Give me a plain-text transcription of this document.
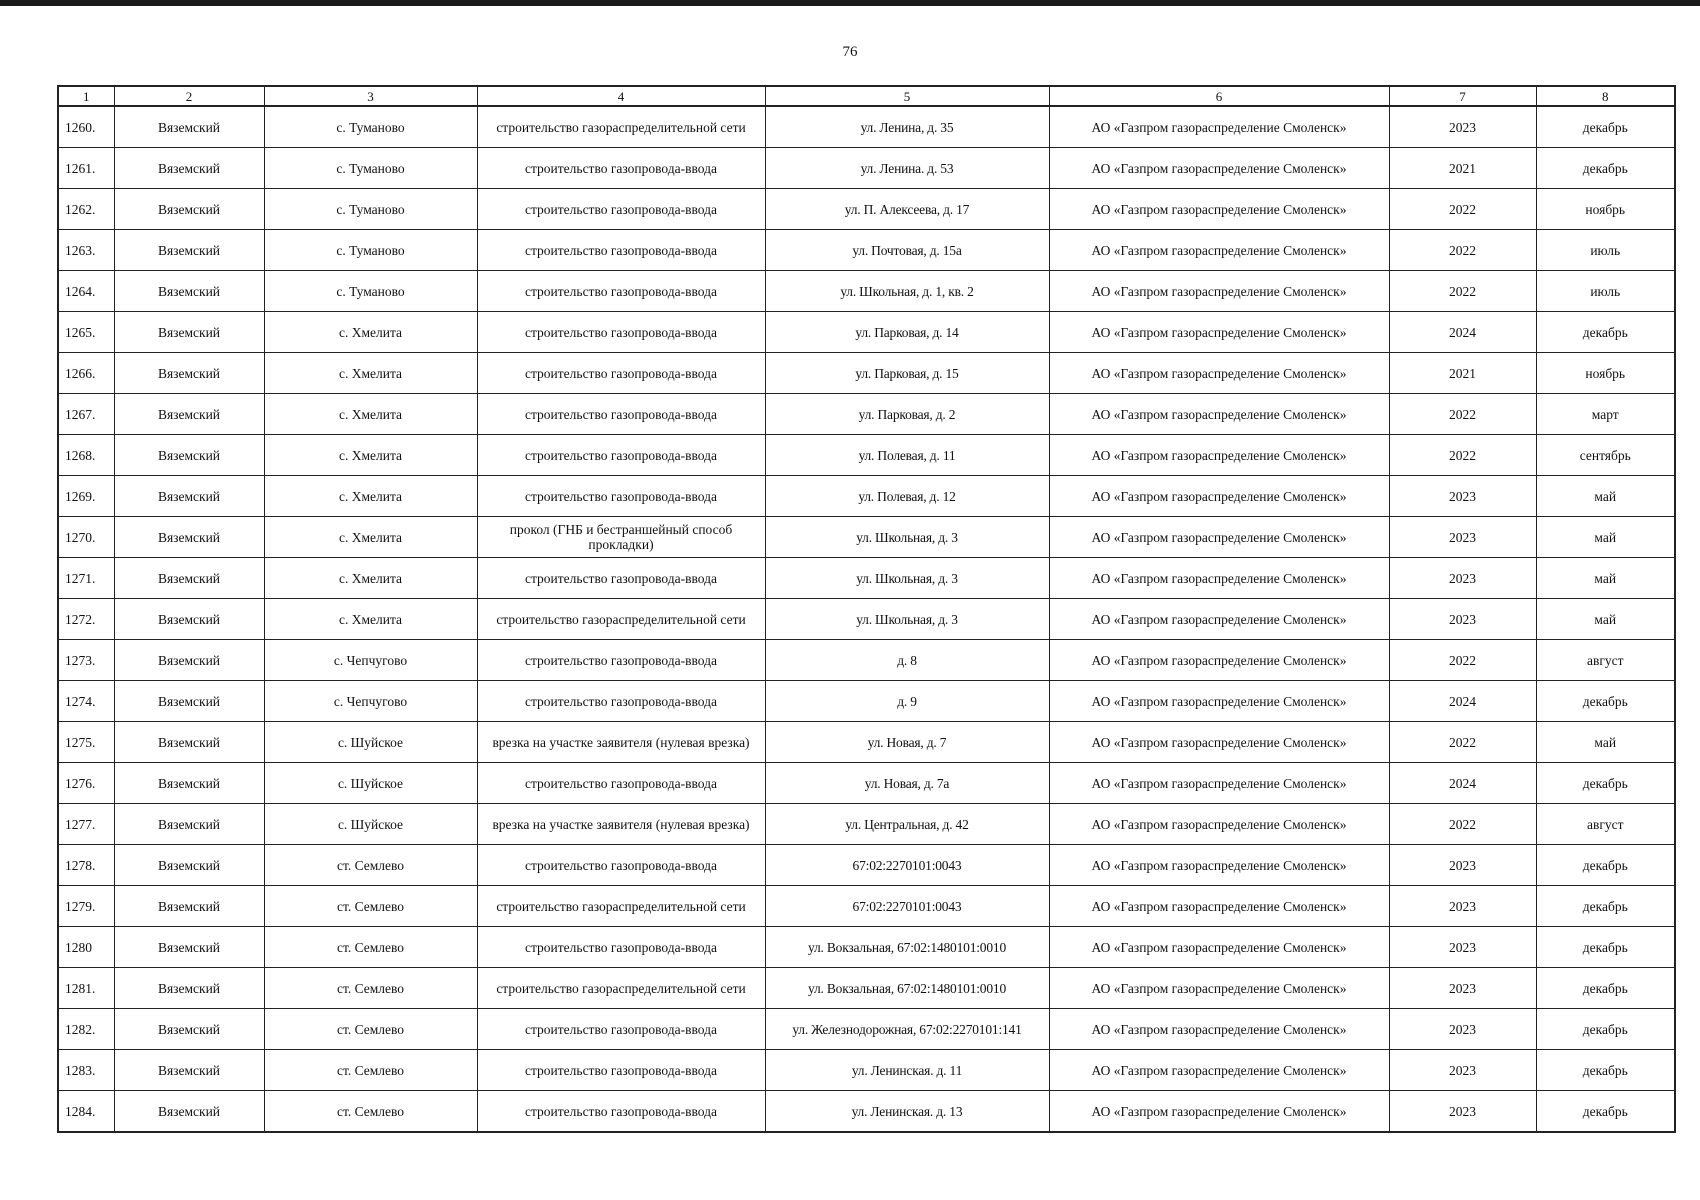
76
1	2	3	4	5	6	7	8
1260.	Вяземский	с. Туманово	строительство газораспределительной сети	ул. Ленина, д. 35	АО «Газпром газораспределение Смоленск»	2023	декабрь
1261.	Вяземский	с. Туманово	строительство газопровода-ввода	ул. Ленина. д. 53	АО «Газпром газораспределение Смоленск»	2021	декабрь
1262.	Вяземский	с. Туманово	строительство газопровода-ввода	ул. П. Алексеева, д. 17	АО «Газпром газораспределение Смоленск»	2022	ноябрь
1263.	Вяземский	с. Туманово	строительство газопровода-ввода	ул. Почтовая, д. 15а	АО «Газпром газораспределение Смоленск»	2022	июль
1264.	Вяземский	с. Туманово	строительство газопровода-ввода	ул. Школьная, д. 1, кв. 2	АО «Газпром газораспределение Смоленск»	2022	июль
1265.	Вяземский	с. Хмелита	строительство газопровода-ввода	ул. Парковая, д. 14	АО «Газпром газораспределение Смоленск»	2024	декабрь
1266.	Вяземский	с. Хмелита	строительство газопровода-ввода	ул. Парковая, д. 15	АО «Газпром газораспределение Смоленск»	2021	ноябрь
1267.	Вяземский	с. Хмелита	строительство газопровода-ввода	ул. Парковая, д. 2	АО «Газпром газораспределение Смоленск»	2022	март
1268.	Вяземский	с. Хмелита	строительство газопровода-ввода	ул. Полевая, д. 11	АО «Газпром газораспределение Смоленск»	2022	сентябрь
1269.	Вяземский	с. Хмелита	строительство газопровода-ввода	ул. Полевая, д. 12	АО «Газпром газораспределение Смоленск»	2023	май
1270.	Вяземский	с. Хмелита	прокол (ГНБ и бестраншейный способ прокладки)	ул. Школьная, д. 3	АО «Газпром газораспределение Смоленск»	2023	май
1271.	Вяземский	с. Хмелита	строительство газопровода-ввода	ул. Школьная, д. 3	АО «Газпром газораспределение Смоленск»	2023	май
1272.	Вяземский	с. Хмелита	строительство газораспределительной сети	ул. Школьная, д. 3	АО «Газпром газораспределение Смоленск»	2023	май
1273.	Вяземский	с. Чепчугово	строительство газопровода-ввода	д. 8	АО «Газпром газораспределение Смоленск»	2022	август
1274.	Вяземский	с. Чепчугово	строительство газопровода-ввода	д. 9	АО «Газпром газораспределение Смоленск»	2024	декабрь
1275.	Вяземский	с. Шуйское	врезка на участке заявителя (нулевая врезка)	ул. Новая, д. 7	АО «Газпром газораспределение Смоленск»	2022	май
1276.	Вяземский	с. Шуйское	строительство газопровода-ввода	ул. Новая, д. 7а	АО «Газпром газораспределение Смоленск»	2024	декабрь
1277.	Вяземский	с. Шуйское	врезка на участке заявителя (нулевая врезка)	ул. Центральная, д. 42	АО «Газпром газораспределение Смоленск»	2022	август
1278.	Вяземский	ст. Семлево	строительство газопровода-ввода	67:02:2270101:0043	АО «Газпром газораспределение Смоленск»	2023	декабрь
1279.	Вяземский	ст. Семлево	строительство газораспределительной сети	67:02:2270101:0043	АО «Газпром газораспределение Смоленск»	2023	декабрь
1280	Вяземский	ст. Семлево	строительство газопровода-ввода	ул. Вокзальная, 67:02:1480101:0010	АО «Газпром газораспределение Смоленск»	2023	декабрь
1281.	Вяземский	ст. Семлево	строительство газораспределительной сети	ул. Вокзальная, 67:02:1480101:0010	АО «Газпром газораспределение Смоленск»	2023	декабрь
1282.	Вяземский	ст. Семлево	строительство газопровода-ввода	ул. Железнодорожная, 67:02:2270101:141	АО «Газпром газораспределение Смоленск»	2023	декабрь
1283.	Вяземский	ст. Семлево	строительство газопровода-ввода	ул. Ленинская. д. 11	АО «Газпром газораспределение Смоленск»	2023	декабрь
1284.	Вяземский	ст. Семлево	строительство газопровода-ввода	ул. Ленинская. д. 13	АО «Газпром газораспределение Смоленск»	2023	декабрь
